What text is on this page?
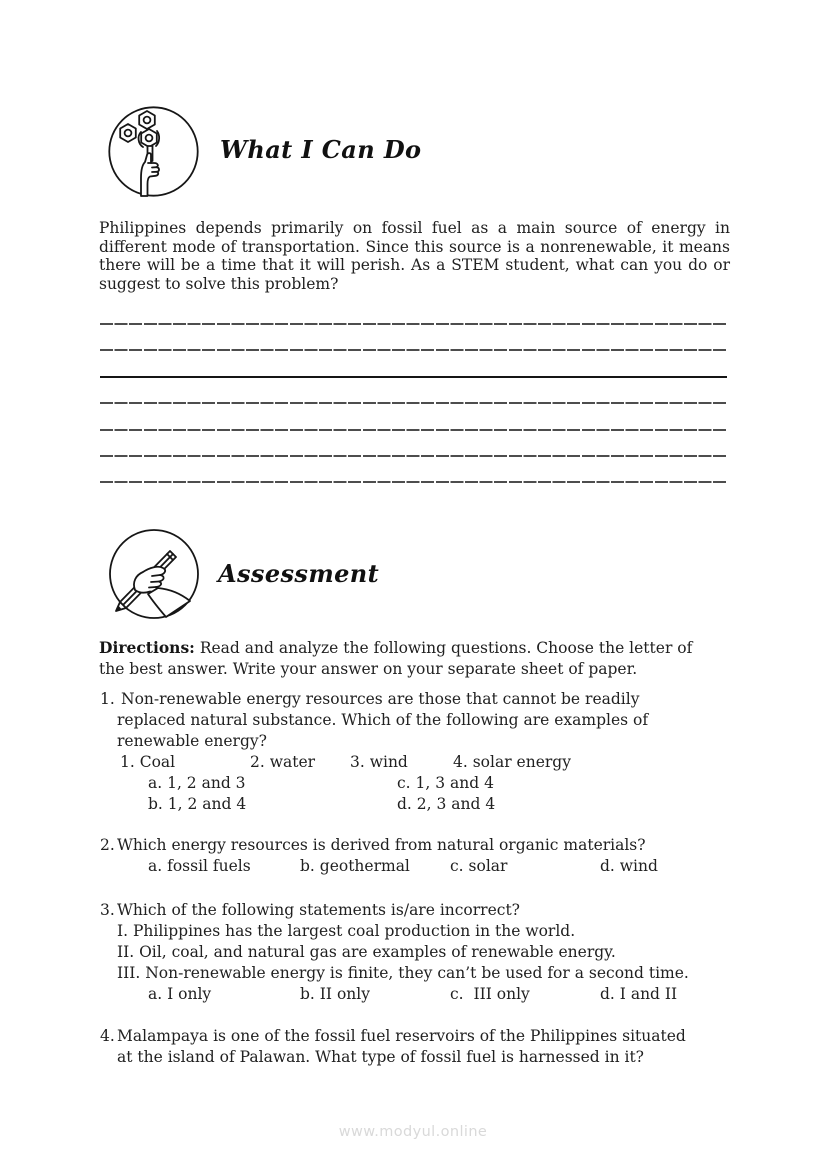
What I Can Do
Philippines depends primarily on fossil fuel as a main source of energy in different mode of transportation. Since this source is a nonrenewable, it means there will be a time that it will perish. As a STEM student, what can you do or suggest to solve this problem?
Assessment
Directions: Read and analyze the following questions. Choose the letter of
the best answer. Write your answer on your separate sheet of paper.
1. Non-renewable energy resources are those that cannot be readily
replaced natural substance. Which of the following are examples of
renewable energy?
1. Coal	2. water 3. wind	4. solar energy
a. 1, 2 and 3	c. 1, 3 and 4
b. 1, 2 and 4	d. 2, 3 and 4
2. Which energy resources is derived from natural organic materials?
a. fossil fuels	b. geothermal	c. solar	d. wind
3. Which of the following statements is/are incorrect?
I. Philippines has the largest coal production in the world.
II. Oil, coal, and natural gas are examples of renewable energy.
III. Non-renewable energy is finite, they can’t be used for a second time.
a. I only	b. II only	c.  III only	d. I and II
4. Malampaya is one of the fossil fuel reservoirs of the Philippines situated
at the island of Palawan. What type of fossil fuel is harnessed in it?
www.modyul.online
